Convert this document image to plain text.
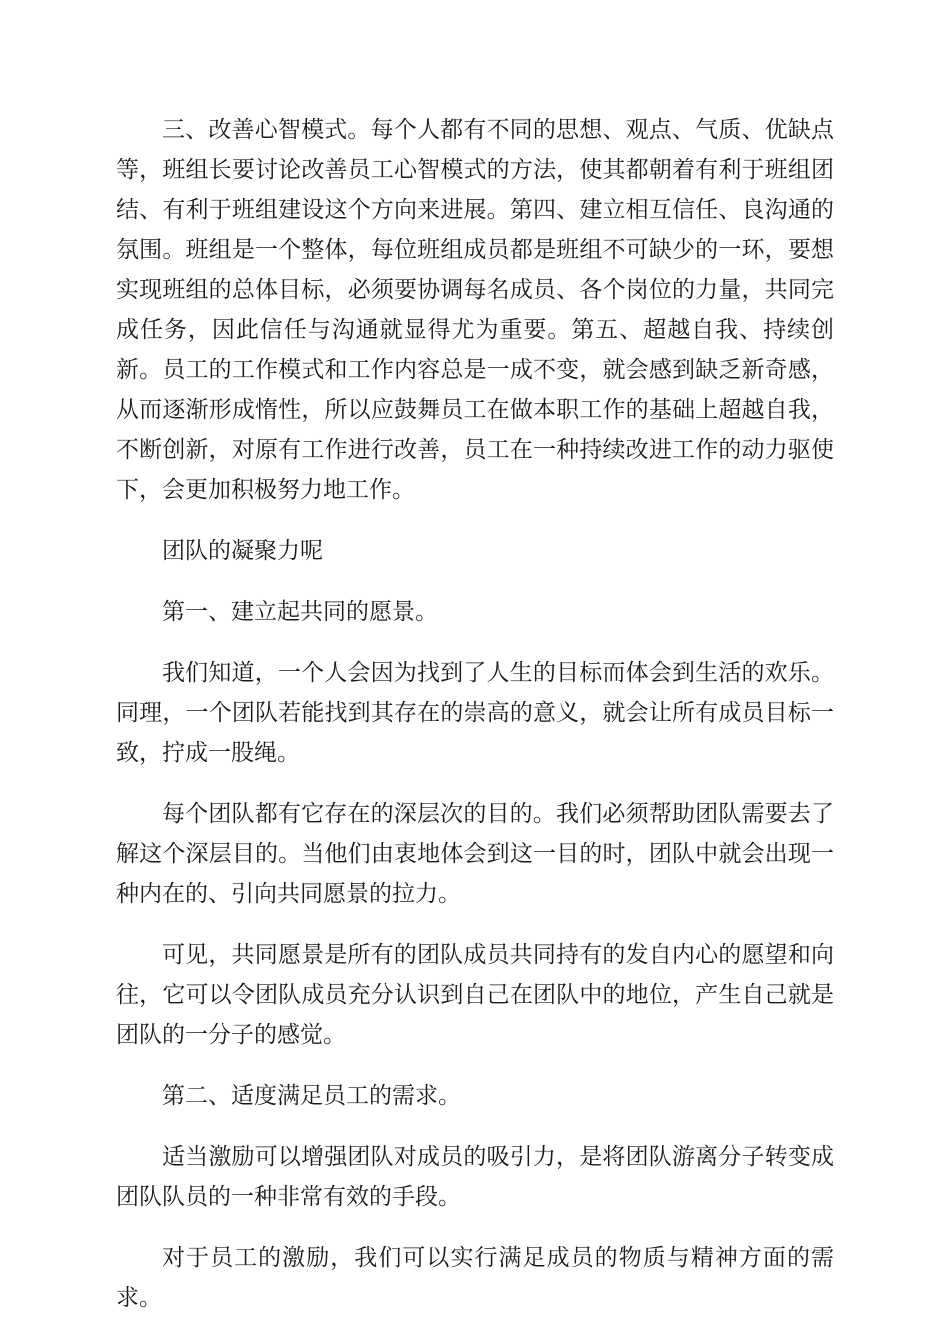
三、改善心智模式。每个人都有不同的思想、观点、气质、优缺点等，班组长要讨论改善员工心智模式的方法，使其都朝着有利于班组团结、有利于班组建设这个方向来进展。第四、建立相互信任、良沟通的氛围。班组是一个整体，每位班组成员都是班组不可缺少的一环，要想实现班组的总体目标，必须要协调每名成员、各个岗位的力量，共同完成任务，因此信任与沟通就显得尤为重要。第五、超越自我、持续创新。员工的工作模式和工作内容总是一成不变，就会感到缺乏新奇感，从而逐渐形成惰性，所以应鼓舞员工在做本职工作的基础上超越自我，不断创新，对原有工作进行改善，员工在一种持续改进工作的动力驱使下，会更加积极努力地工作。

团队的凝聚力呢

第一、建立起共同的愿景。

我们知道，一个人会因为找到了人生的目标而体会到生活的欢乐。同理，一个团队若能找到其存在的崇高的意义，就会让所有成员目标一致，拧成一股绳。

每个团队都有它存在的深层次的目的。我们必须帮助团队需要去了解这个深层目的。当他们由衷地体会到这一目的时，团队中就会出现一种内在的、引向共同愿景的拉力。

可见，共同愿景是所有的团队成员共同持有的发自内心的愿望和向往，它可以令团队成员充分认识到自己在团队中的地位，产生自己就是团队的一分子的感觉。

第二、适度满足员工的需求。

适当激励可以增强团队对成员的吸引力，是将团队游离分子转变成团队队员的一种非常有效的手段。

对于员工的激励，我们可以实行满足成员的物质与精神方面的需求。
